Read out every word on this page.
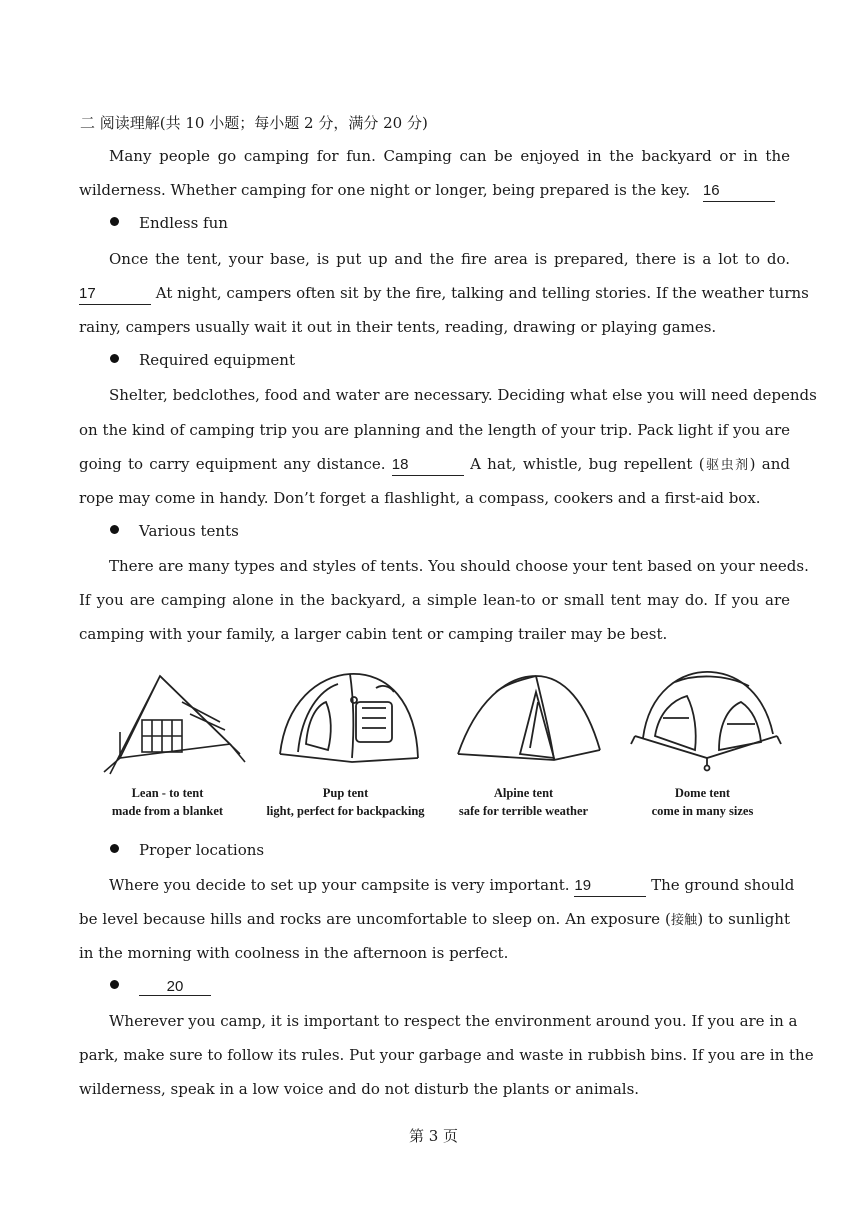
二 阅读理解(共 10 小题；每小题 2 分，满分 20 分)
Many people go camping for fun. Camping can be enjoyed in the backyard or in the
wilderness. Whether camping for one night or longer, being prepared is the key. 16
Endless fun
Once the tent, your base, is put up and the fire area is prepared, there is a lot to do.
17	At night, campers often sit by the fire, talking and telling stories. If the weather turns
rainy, campers usually wait it out in their tents, reading, drawing or playing games.
Required equipment
Shelter, bedclothes, food and water are necessary. Deciding what else you will need depends
on the kind of camping trip you are planning and the length of your trip. Pack light if you are
going to carry equipment any distance. 18	A hat, whistle, bug repellent (驱虫剂) and
rope may come in handy. Don’t forget a flashlight, a compass, cookers and a first-aid box.
Various tents
There are many types and styles of tents. You should choose your tent based on your needs.
If you are camping alone in the backyard, a simple lean-to or small tent may do. If you are
camping with your family, a larger cabin tent or camping trailer may be best.
Lean - to tent
made from a blanket
Pup tent
light, perfect for backpacking
Alpine tent
safe for terrible weather
Dome tent
come in many sizes
Proper locations
Where you decide to set up your campsite is very important. 19	The ground should
be level because hills and rocks are uncomfortable to sleep on. An exposure (接触) to sunlight
in the morning with coolness in the afternoon is perfect.
20
Wherever you camp, it is important to respect the environment around you. If you are in a
park, make sure to follow its rules. Put your garbage and waste in rubbish bins. If you are in the
wilderness, speak in a low voice and do not disturb the plants or animals.
第 3 页
